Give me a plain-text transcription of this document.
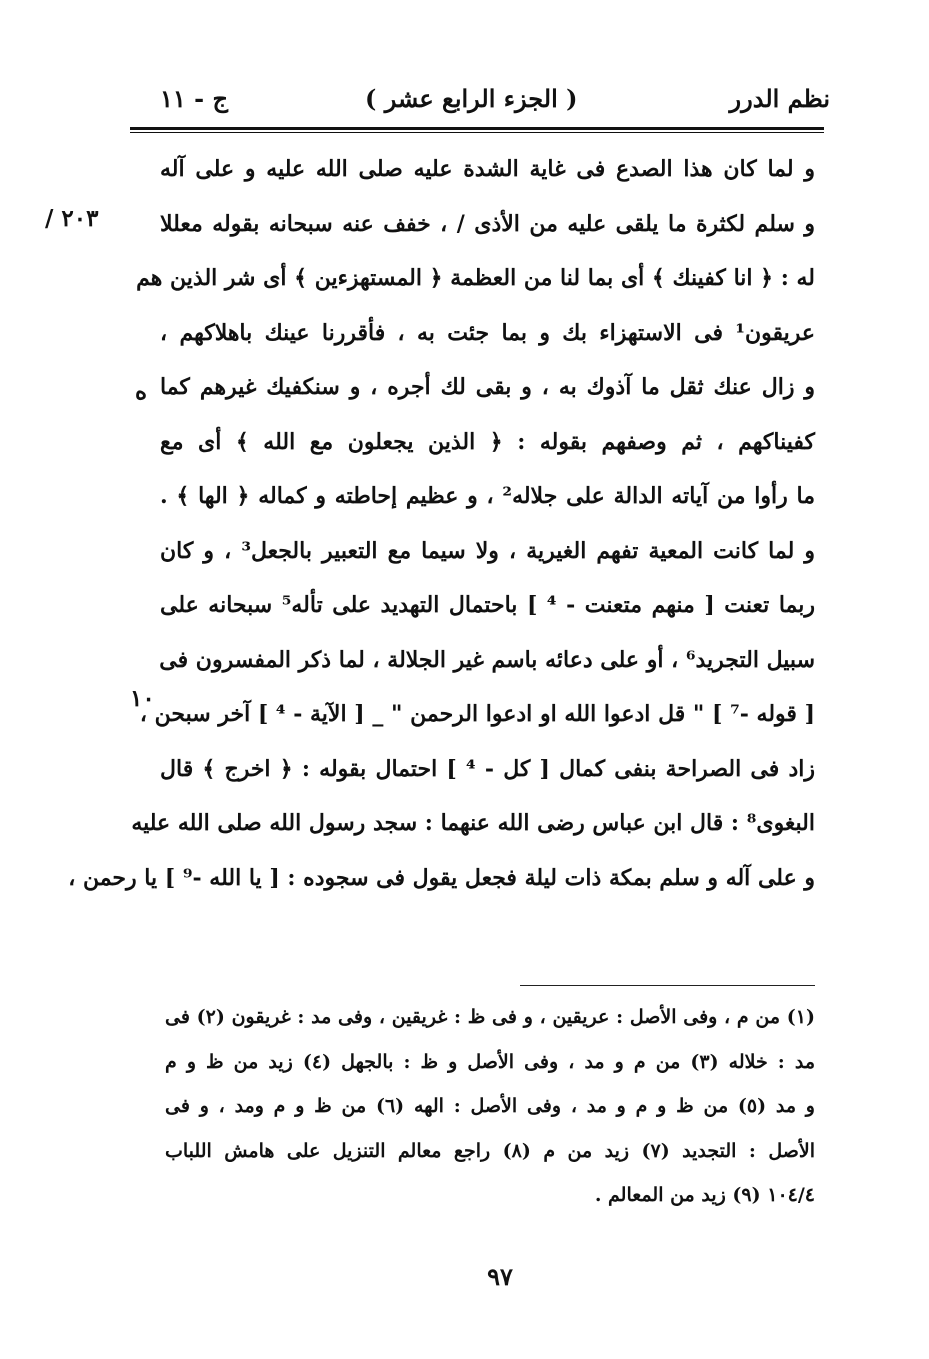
نظم الدرر
( الجزء الرابع عشر )
ج - ١١
/ ٢٠٣
ه
١٠
و لما كان هذا الصدع فى غاية الشدة عليه صلى الله عليه و على آله
و سلم لكثرة ما يلقى عليه من الأذى / ، خفف عنه سبحانه بقوله معللا
له : ﴿ انا كفينك ﴾ أى بما لنا من العظمة ﴿ المستهزءين ﴾ أى شر الذين هم
عريقون¹ فى الاستهزاء بك و بما جئت به ، فأقررنا عينك باهلاكهم ،
و زال عنك ثقل ما آذوك به ، و بقى لك أجره ، و سنكفيك غيرهم كما
كفيناكهم ، ثم وصفهم بقوله : ﴿ الذين يجعلون مع الله ﴾ أى مع
ما رأوا من آياته الدالة على جلاله² ، و عظيم إحاطته و كماله ﴿ الها ﴾ .
و لما كانت المعية تفهم الغيرية ، ولا سيما مع التعبير بالجعل³ ، و كان
ربما تعنت [ منهم متعنت - ⁴ ] باحتمال التهديد على تأله⁵ سبحانه على
سبيل التجريد⁶ ، أو على دعائه باسم غير الجلالة ، لما ذكر المفسرون فى
[ قوله -⁷ ] " قل ادعوا الله او ادعوا الرحمن " _ [ الآية - ⁴ ] آخر سبحن ،
زاد فى الصراحة بنفى كمال [ كل - ⁴ ] احتمال بقوله : ﴿ اخرج ﴾ قال
البغوى⁸ : قال ابن عباس رضى الله عنهما : سجد رسول الله صلى الله عليه
و على آله و سلم بمكة ذات ليلة فجعل يقول فى سجوده : [ يا الله -⁹ ] يا رحمن ،
(١) من م ، وفى الأصل : عريقين ، و فى ظ : غريقين ، وفى مد : غريقون (٢) فى
مد : خلاله (٣) من م و مد ، وفى الأصل و ظ : بالجهل (٤) زيد من ظ و م
و مد (٥) من ظ و م و مد ، وفى الأصل : الهه (٦) من ظ و م ومد ، و فى
الأصل : التجديد (٧) زيد من م (٨) راجع معالم التنزيل على هامش اللباب
١٠٤/٤ (٩) زيد من المعالم .
٩٧
